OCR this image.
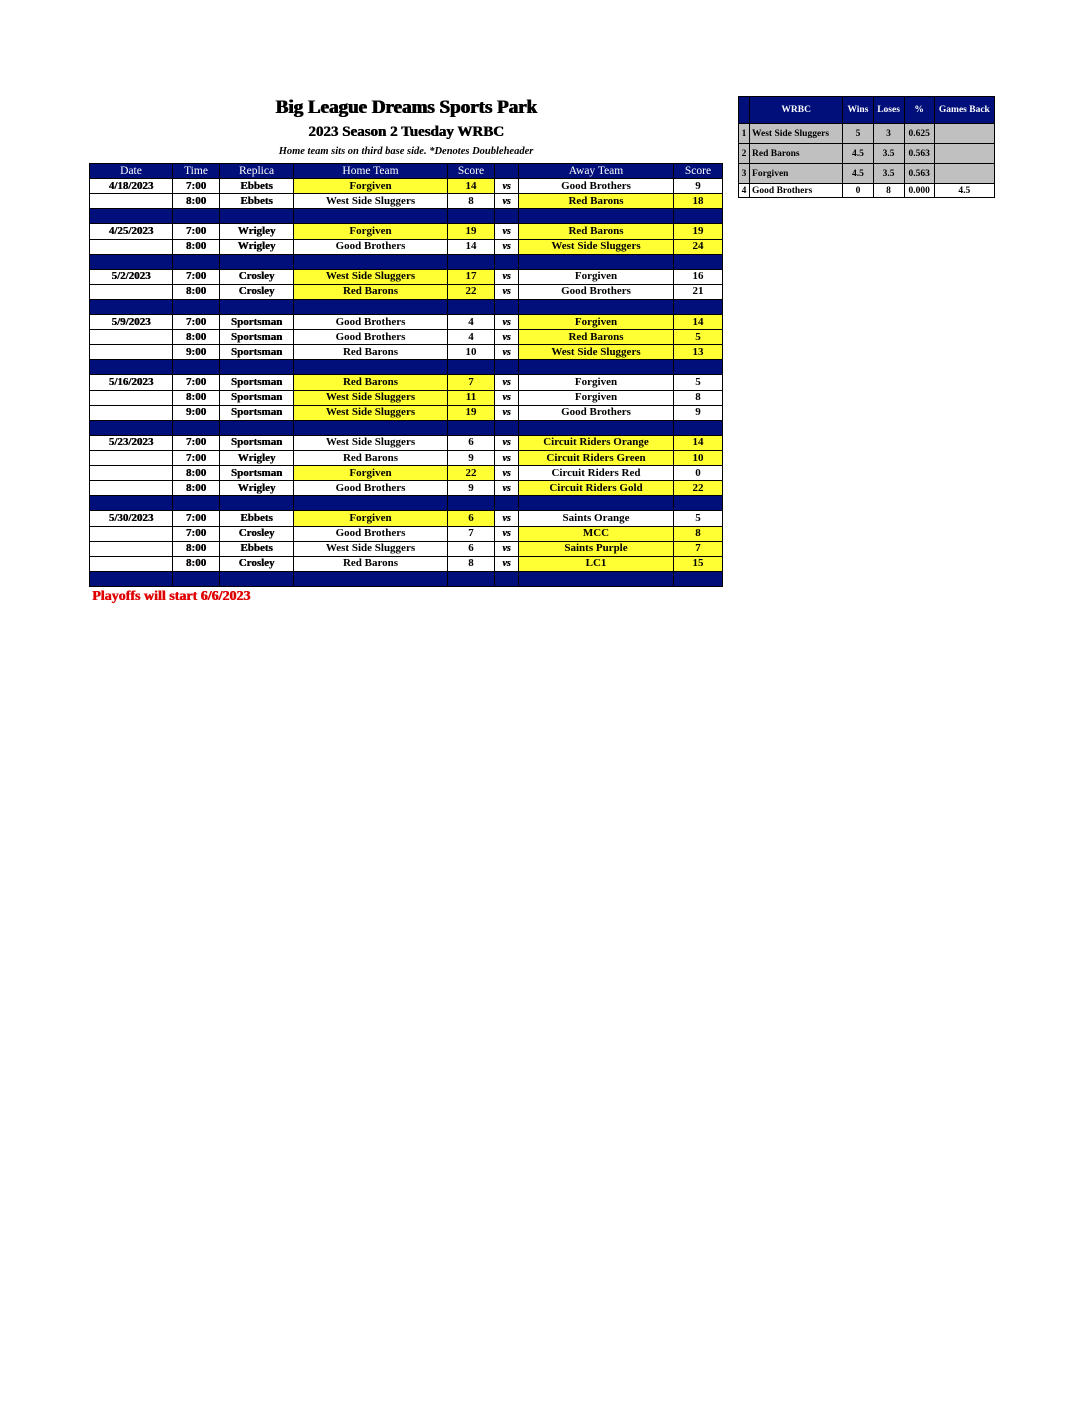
Big League Dreams Sports Park
2023 Season 2 Tuesday WRBC
Home team sits on third base side. *Denotes Doubleheader
Date	Time	Replica	Home Team	Score		Away Team	Score
4/18/2023	7:00	Ebbets	Forgiven	14	vs	Good Brothers	9
	8:00	Ebbets	West Side Sluggers	8	vs	Red Barons	18

4/25/2023	7:00	Wrigley	Forgiven	19	vs	Red Barons	19
	8:00	Wrigley	Good Brothers	14	vs	West Side Sluggers	24

5/2/2023	7:00	Crosley	West Side Sluggers	17	vs	Forgiven	16
	8:00	Crosley	Red Barons	22	vs	Good Brothers	21

5/9/2023	7:00	Sportsman	Good Brothers	4	vs	Forgiven	14
	8:00	Sportsman	Good Brothers	4	vs	Red Barons	5
	9:00	Sportsman	Red Barons	10	vs	West Side Sluggers	13

5/16/2023	7:00	Sportsman	Red Barons	7	vs	Forgiven	5
	8:00	Sportsman	West Side Sluggers	11	vs	Forgiven	8
	9:00	Sportsman	West Side Sluggers	19	vs	Good Brothers	9

5/23/2023	7:00	Sportsman	West Side Sluggers	6	vs	Circuit Riders Orange	14
	7:00	Wrigley	Red Barons	9	vs	Circuit Riders Green	10
	8:00	Sportsman	Forgiven	22	vs	Circuit Riders Red	0
	8:00	Wrigley	Good Brothers	9	vs	Circuit Riders Gold	22

5/30/2023	7:00	Ebbets	Forgiven	6	vs	Saints Orange	5
	7:00	Crosley	Good Brothers	7	vs	MCC	8
	8:00	Ebbets	West Side Sluggers	6	vs	Saints Purple	7
	8:00	Crosley	Red Barons	8	vs	LC1	15

	WRBC	Wins	Loses	%	Games Back
1	West Side Sluggers	5	3	0.625	
2	Red Barons	4.5	3.5	0.563	
3	Forgiven	4.5	3.5	0.563	
4	Good Brothers	0	8	0.000	4.5
Playoffs will start 6/6/2023
